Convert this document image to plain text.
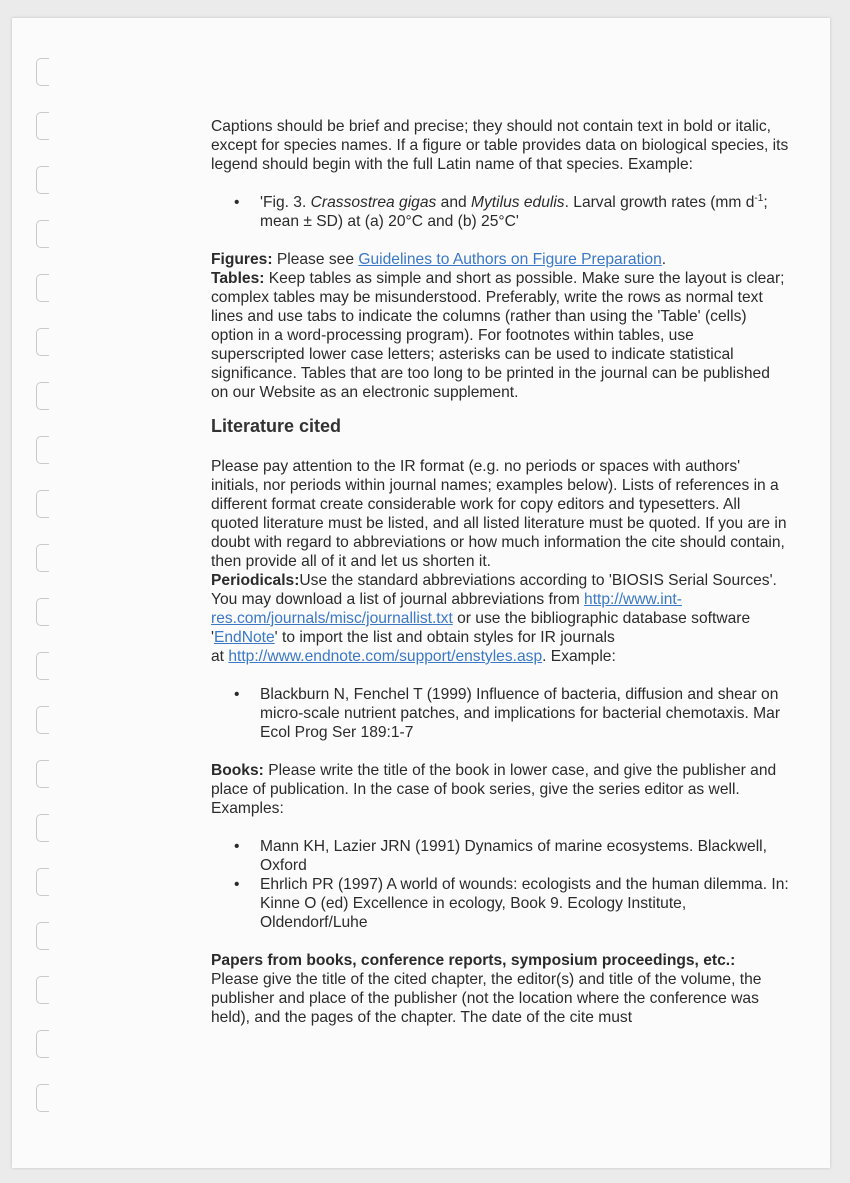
Captions should be brief and precise; they should not contain text in bold or italic, except for species names. If a figure or table provides data on biological species, its legend should begin with the full Latin name of that species. Example:

• 'Fig. 3. Crassostrea gigas and Mytilus edulis. Larval growth rates (mm $d^{-1}$; mean ± SD) at (a) 20°C and (b) 25°C'

Figures: Please see Guidelines to Authors on Figure Preparation.

Tables: Keep tables as simple and short as possible. Make sure the layout is clear; complex tables may be misunderstood. Preferably, write the rows as normal text lines and use tabs to indicate the columns (rather than using the 'Table' (cells) option in a word-processing program). For footnotes within tables, use superscripted lower case letters; asterisks can be used to indicate statistical significance. Tables that are too long to be printed in the journal can be published on our Website as an electronic supplement.

Literature cited

Please pay attention to the IR format (e.g. no periods or spaces with authors' initials, nor periods within journal names; examples below). Lists of references in a different format create considerable work for copy editors and typesetters. All quoted literature must be listed, and all listed literature must be quoted. If you are in doubt with regard to abbreviations or how much information the cite should contain, then provide all of it and let us shorten it.

Periodicals:Use the standard abbreviations according to 'BIOSIS Serial Sources'. You may download a list of journal abbreviations from http://www.int-res.com/journals/misc/journallist.txt or use the bibliographic database software 'EndNote' to import the list and obtain styles for IR journals
at http://www.endnote.com/support/enstyles.asp. Example:

• Blackburn N, Fenchel T (1999) Influence of bacteria, diffusion and shear on micro-scale nutrient patches, and implications for bacterial chemotaxis. Mar Ecol Prog Ser 189:1-7

Books: Please write the title of the book in lower case, and give the publisher and place of publication. In the case of book series, give the series editor as well. Examples:

• Mann KH, Lazier JRN (1991) Dynamics of marine ecosystems. Blackwell, Oxford
• Ehrlich PR (1997) A world of wounds: ecologists and the human dilemma. In: Kinne O (ed) Excellence in ecology, Book 9. Ecology Institute, Oldendorf/Luhe

Papers from books, conference reports, symposium proceedings, etc.:
Please give the title of the cited chapter, the editor(s) and title of the volume, the publisher and place of the publisher (not the location where the conference was held), and the pages of the chapter. The date of the cite must
